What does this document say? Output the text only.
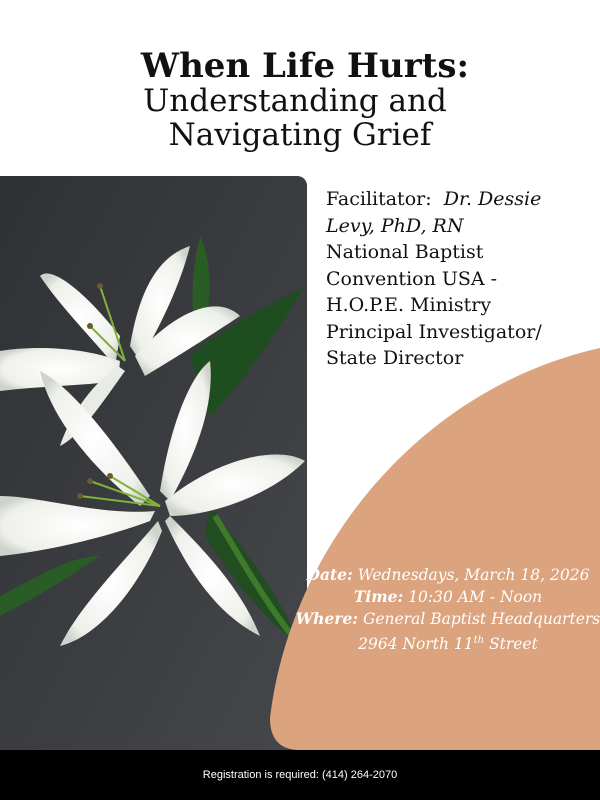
When Life Hurts:
Understanding and
Navigating Grief
Facilitator: Dr. Dessie
Levy, PhD, RN
National Baptist
Convention USA -
H.O.P.E. Ministry
Principal Investigator/
State Director
Date: Wednesdays, March 18, 2026
Time: 10:30 AM - Noon
Where: General Baptist Headquarters
2964 North 11th Street
Registration is required: (414) 264-2070
